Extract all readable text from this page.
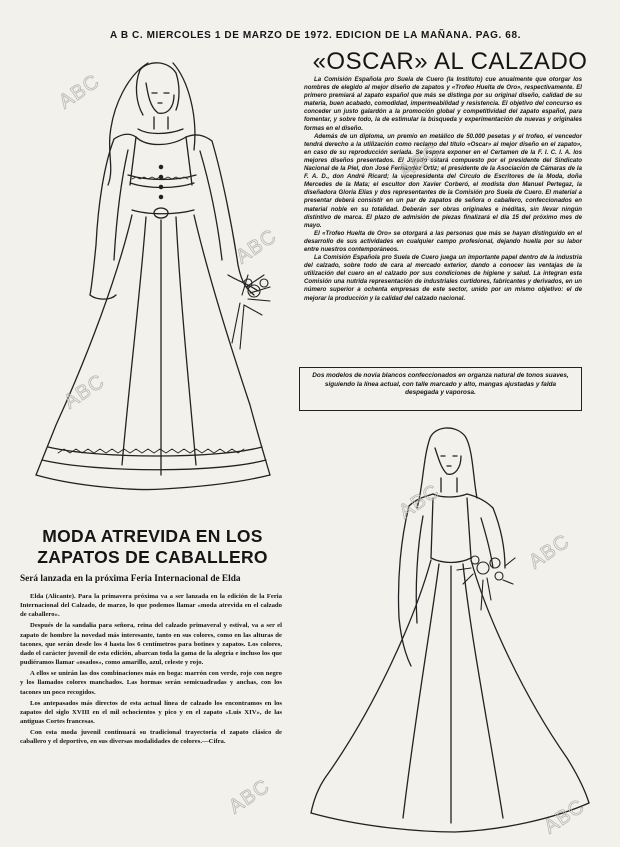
A B C. MIERCOLES 1 DE MARZO DE 1972. EDICION DE LA MAÑANA. PAG. 68.
«OSCAR» AL CALZADO

La Comisión Española pro Suela de Cuero (la Instituto) cue anualmente que otorgar los nombres de elegido al mejor diseño de zapatos y «Trofeo Huelta de Oro», respectivamente. El primero premiará al zapato español que más se distinga por su original diseño, calidad de su materia, buen acabado, comodidad, impermeabilidad y resistencia. El objetivo del concurso es conceder un justo galardón a la promoción global y competitividad del zapato español, para fomentar, y sobre todo, la de estimular la búsqueda y experimentación de nuevas y originales formas en el diseño.

Además de un diploma, un premio en metálico de 50.000 pesetas y el trofeo, el vencedor tendrá derecho a la utilización como reclamo del título «Oscar» al mejor diseño en el zapato», en caso de su reproducción seriada. Se espera exponer en el Certamen de la F. I. C. I. A. los mejores diseños presentados. El Jurado estará compuesto por el presidente del Sindicato Nacional de la Piel, don José Fernández Ortiz; el presidente de la Asociación de Cámaras de la F. A. D., don André Ricard; la vicepresidenta del Círculo de Escritores de la Moda, doña Mercedes de la Mata; el escultor don Xavier Corberó, el modista don Manuel Pertegaz, la diseñadora Gloria Elías y dos representantes de la Comisión pro Suela de Cuero. El material a presentar deberá consistir en un par de zapatos de señora o caballero, confeccionados en material noble en su totalidad. Deberán ser obras originales e inéditas, sin llevar ningún distintivo de marca. El plazo de admisión de piezas finalizará el día 15 del próximo mes de mayo.

El «Trofeo Huelta de Oro» se otorgará a las personas que más se hayan distinguido en el desarrollo de sus actividades en cualquier campo profesional, dejando huella por su labor entre nuestros contemporáneos.

La Comisión Española pro Suela de Cuero juega un importante papel dentro de la industria del calzado, sobre todo de cara al mercado exterior, dando a conocer las ventajas de la utilización del cuero en el calzado por sus condiciones de higiene y salud. La integran esta Comisión una nutrida representación de industriales curtidores, fabricantes y derivados, en un número superior a ochenta empresas de este sector, unido por un mismo objetivo: el de mejorar la producción y la calidad del calzado nacional.

Dos modelos de novia blancos confeccionados en organza natural de tonos suaves, siguiendo la línea actual, con talle marcado y alto, mangas ajustadas y falda despegada y vaporosa.
MODA ATREVIDA EN LOS
ZAPATOS DE CABALLERO
Será lanzada en la próxima Feria Internacional de Elda

Elda (Alicante). Para la primavera próxima va a ser lanzada en la edición de la Feria Internacional del Calzado, de marzo, lo que podemos llamar «moda atrevida en el calzado de caballero».

Después de la sandalia para señora, reina del calzado primaveral y estival, va a ser el zapato de hombre la novedad más interesante, tanto en sus colores, como en las alturas de tacones, que serán desde los 4 hasta los 6 centímetros para botines y zapatos. Los colores, dado el carácter juvenil de esta edición, abarcan toda la gama de la alegría e incluso los que pudiéramos llamar «osados», como amarillo, azul, celeste y rojo.

A ellos se unirán las dos combinaciones más en boga: marrón con verde, rojo con negro y los llamados colores manchados. Las hormas serán semicuadradas y anchas, con los tacones un poco recogidos.

Los antepasados más directos de esta actual línea de calzado los encontramos en los zapatos del siglo XVIII en el mil ochocientos y pico y en el zapato «Luis XIV», de las antiguas Cortes francesas.

Con esta moda juvenil continuará su tradicional trayectoria el zapato clásico de caballero y el deportivo, en sus diversas modalidades de colores.—Cifra.

ABC
ABC
ABC
ABC
ABC
ABC
ABC	ABC
